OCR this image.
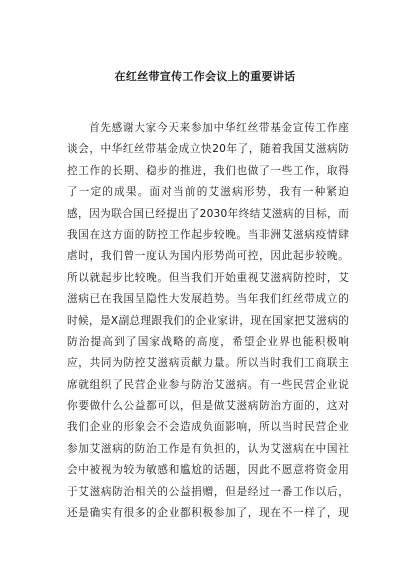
在红丝带宣传工作会议上的重要讲话
首先感谢大家今天来参加中华红丝带基金宣传工作座
谈会，中华红丝带基金成立快20年了，随着我国艾滋病防
控工作的长期、稳步的推进，我们也做了一些工作，取得
了一定的成果。面对当前的艾滋病形势，我有一种紧迫
感，因为联合国已经提出了2030年终结艾滋病的目标，而
我国在这方面的防控工作起步较晚。当非洲艾滋病疫情肆
虐时，我们曾一度认为国内形势尚可控，因此起步较晚。
所以就起步比较晚。但当我们开始重视艾滋病防控时，艾
滋病已在我国呈隐性大发展趋势。当年我们红丝带成立的
时候，是X副总理跟我们的企业家讲，现在国家把艾滋病的
防治提高到了国家战略的高度，希望企业界也能积极响
应，共同为防控艾滋病贡献力量。所以当时我们工商联主
席就组织了民营企业参与防治艾滋病。有一些民营企业说
你要做什么公益都可以，但是做艾滋病防治方面的，这对
我们企业的形象会不会造成负面影响，所以当时民营企业
参加艾滋病的防治工作是有负担的，认为艾滋病在中国社
会中被视为较为敏感和尴尬的话题，因此不愿意将资金用
于艾滋病防治相关的公益捐赠，但是经过一番工作以后，
还是确实有很多的企业都积极参加了，现在不一样了，现
